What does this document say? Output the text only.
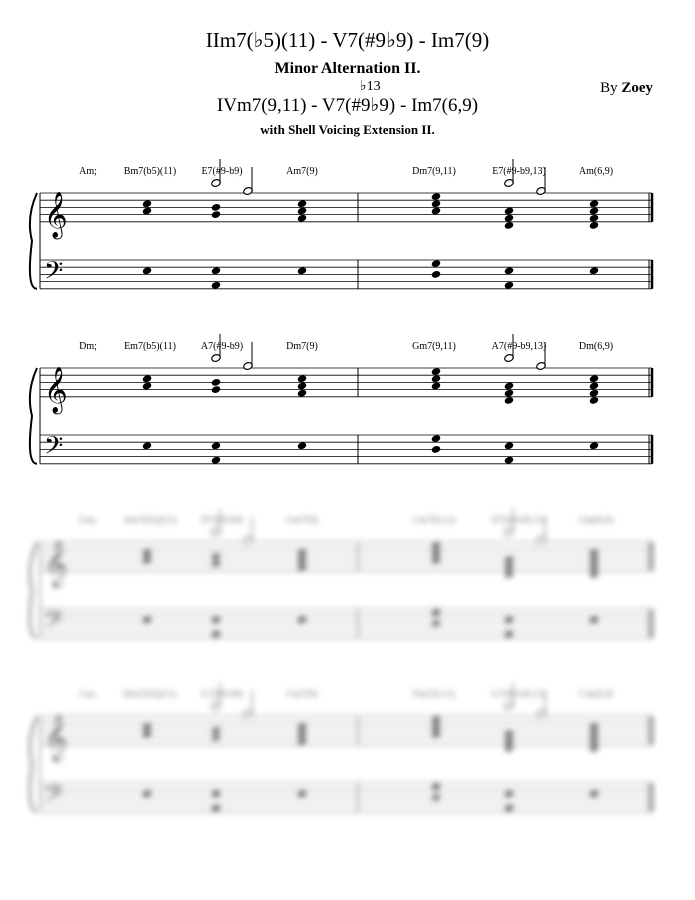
IIm7(♭5)(11) - V7(#9♭9) - Im7(9)
Minor Alternation II.
♭13
IVm7(9,11) - V7(#9♭9) - Im7(6,9)
with Shell Voicing Extension II.
By Zoey
𝄞
𝄢
Am;	Bm7(b5)(11)	E7(#9-b9)	Am7(9)	Dm7(9,11)	E7(#9-b9,13)	Am(6,9)
𝄞
𝄢
Dm;	Em7(b5)(11) A7(#9-b9)	Dm7(9)	Gm7(9,11)	A7(#9-b9,13)	Dm(6,9)
𝄞
𝄢
Gm;	Am7(b5)(11) D7(#9-b9)	Gm7(9)	Cm7(9,11)	D7(#9-b9,13)	Gm(6,9)
𝄞
𝄢
Cm;	Dm7(b5)(11) G7(#9-b9)	Cm7(9)	Fm7(9,11)	G7(#9-b9,13)	Cm(6,9)
